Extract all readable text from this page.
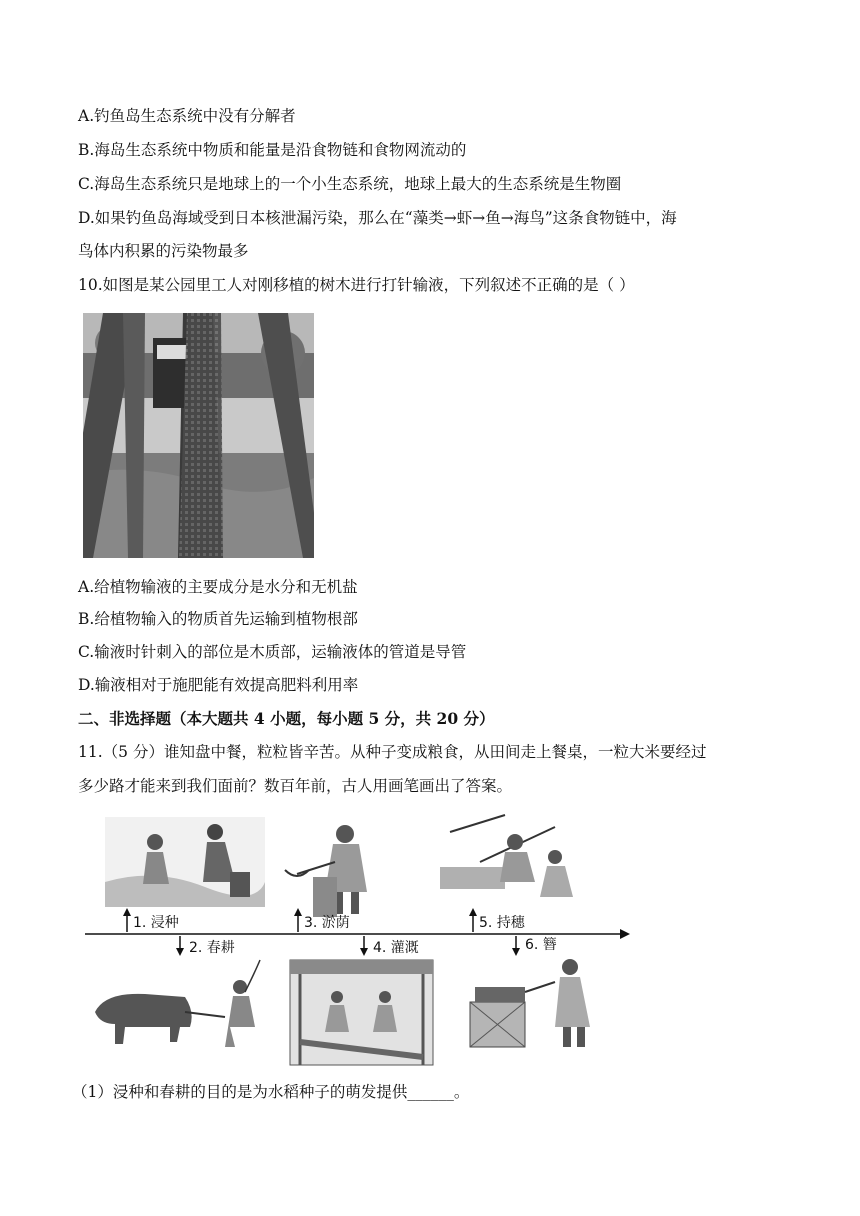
A.钓鱼岛生态系统中没有分解者
B.海岛生态系统中物质和能量是沿食物链和食物网流动的
C.海岛生态系统只是地球上的一个小生态系统，地球上最大的生态系统是生物圈
D.如果钓鱼岛海域受到日本核泄漏污染，那么在“藻类→虾→鱼→海鸟”这条食物链中，海
鸟体内积累的污染物最多
10.如图是某公园里工人对刚移植的树木进行打针输液，下列叙述不正确的是（ ）
A.给植物输液的主要成分是水分和无机盐
B.给植物输入的物质首先运输到植物根部
C.输液时针刺入的部位是木质部，运输液体的管道是导管
D.输液相对于施肥能有效提高肥料利用率
二、非选择题（本大题共 4 小题，每小题 5 分，共 20 分）
11.（5 分）谁知盘中餐，粒粒皆辛苦。从种子变成粮食，从田间走上餐桌，一粒大米要经过
多少路才能来到我们面前？数百年前，古人用画笔画出了答案。
1. 浸种
2. 春耕
3. 淤荫
4. 灌溉
5. 持穗
6. 簪
（1）浸种和春耕的目的是为水稻种子的萌发提供______。
